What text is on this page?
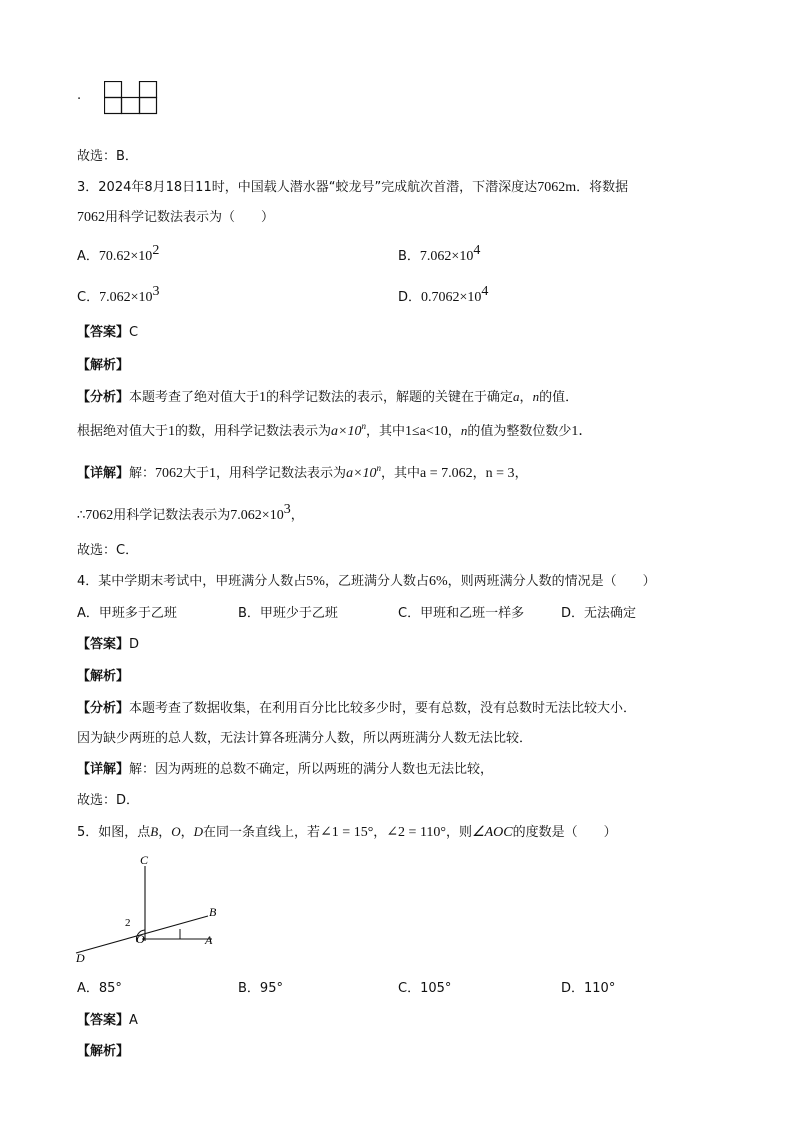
·
故选：B．
3．2024年8月18日11时，中国载人潜水器“蛟龙号”完成航次首潜，下潜深度达7062m．将数据
7062用科学记数法表示为（　　）
A．$70.62\times 10^2$	B．$7.062\times 10^4$
C．$7.062\times 10^3$	D．$0.7062\times 10^4$
【答案】C
【解析】
【分析】本题考查了绝对值大于1的科学记数法的表示，解题的关键在于确定a，n的值．
根据绝对值大于1的数，用科学记数法表示为$a\times 10^n$，其中1≤a<10，n的值为整数位数少1．
【详解】解：7062大于1，用科学记数法表示为$a\times 10^n$，其中a = 7.062，n = 3，
∴7062用科学记数法表示为$7.062\times 10^3$，
故选：C．
4．某中学期末考试中，甲班满分人数占5%，乙班满分人数占6%，则两班满分人数的情况是（　　）
A．甲班多于乙班	B．甲班少于乙班	C．甲班和乙班一样多	D．无法确定
【答案】D
【解析】
【分析】本题考查了数据收集，在利用百分比比较多少时，要有总数，没有总数时无法比较大小．
因为缺少两班的总人数，无法计算各班满分人数，所以两班满分人数无法比较．
【详解】解：因为两班的总数不确定，所以两班的满分人数也无法比较，
故选：D．
5．如图，点B，O，D在同一条直线上，若∠1 = 15°，∠2 = 110°，则∠AOC的度数是（　　）
C
B
A
D
O
2
A．85°	B．95°	C．105°	D．110°
【答案】A
【解析】
